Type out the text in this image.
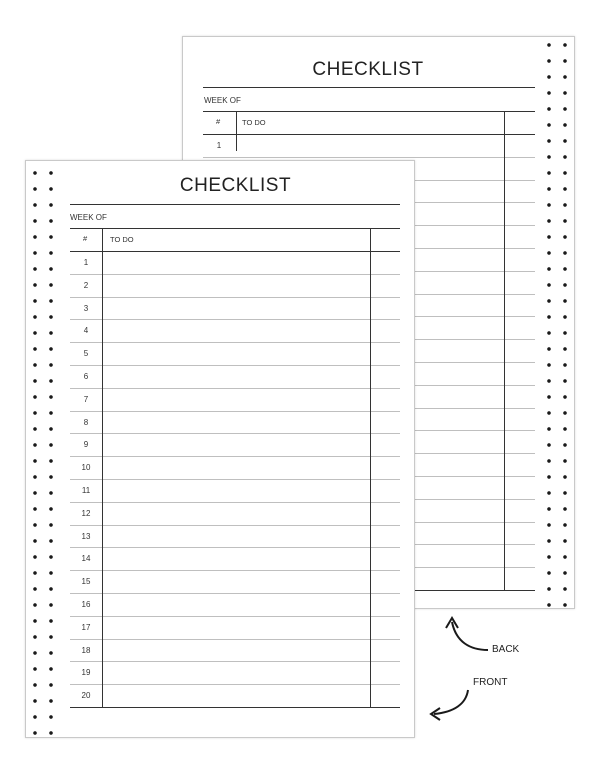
CHECKLIST
WEEK OF
#	TO DO
1
CHECKLIST
WEEK OF
#	TO DO
1
2
3
4
5
6
7
8
9
10
11
12
13
14
15
16
17
18
19
20
BACK
FRONT
